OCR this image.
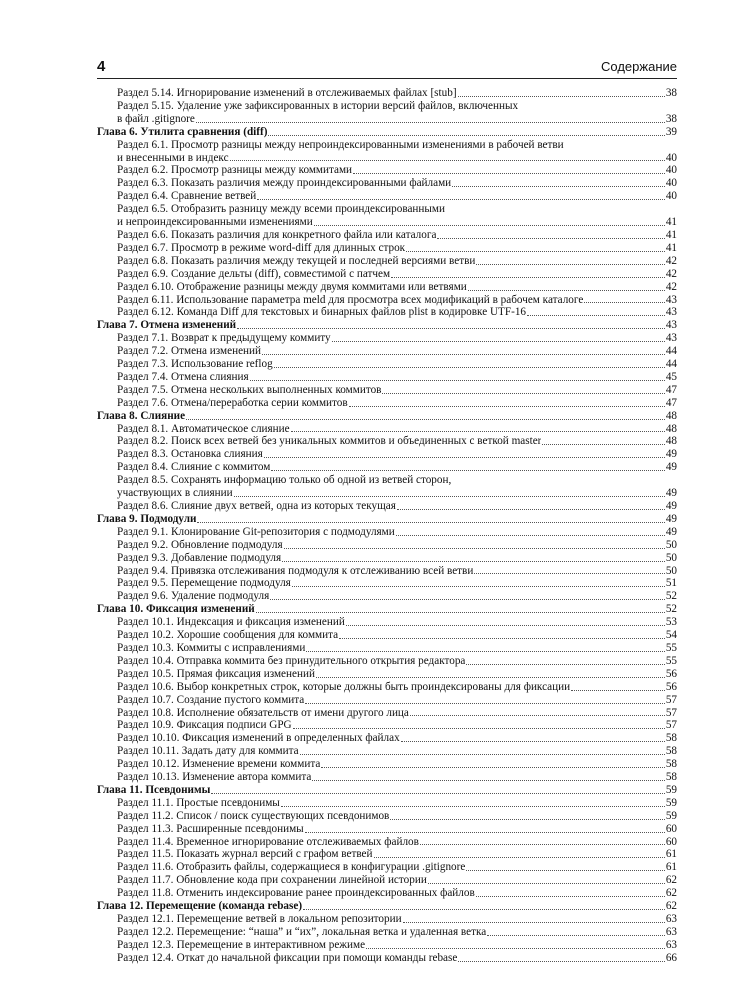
4	Содержание
Раздел 5.14. Игнорирование изменений в отслеживаемых файлах [stub]	38
Раздел 5.15. Удаление уже зафиксированных в истории версий файлов, включенных
в файл .gitignore	38
Глава 6. Утилита сравнения (diff)	39
Раздел 6.1. Просмотр разницы между непроиндексированными изменениями в рабочей ветви
и внесенными в индекс	40
Раздел 6.2. Просмотр разницы между коммитами	40
Раздел 6.3. Показать различия между проиндексированными файлами	40
Раздел 6.4. Сравнение ветвей	40
Раздел 6.5. Отобразить разницу между всеми проиндексированными
и непроиндексированными изменениями	41
Раздел 6.6. Показать различия для конкретного файла или каталога	41
Раздел 6.7. Просмотр в режиме word-diff для длинных строк	41
Раздел 6.8. Показать различия между текущей и последней версиями ветви	42
Раздел 6.9. Создание дельты (diff), совместимой с патчем	42
Раздел 6.10. Отображение разницы между двумя коммитами или ветвями	42
Раздел 6.11. Использование параметра meld для просмотра всех модификаций в рабочем каталоге	43
Раздел 6.12. Команда Diff для текстовых и бинарных файлов plist в кодировке UTF-16	43
Глава 7. Отмена изменений	43
Раздел 7.1. Возврат к предыдущему коммиту	43
Раздел 7.2. Отмена изменений	44
Раздел 7.3. Использование reflog	44
Раздел 7.4. Отмена слияния	45
Раздел 7.5. Отмена нескольких выполненных коммитов	47
Раздел 7.6. Отмена/переработка серии коммитов	47
Глава 8. Слияние	48
Раздел 8.1. Автоматическое слияние	48
Раздел 8.2. Поиск всех ветвей без уникальных коммитов и объединенных с веткой master	48
Раздел 8.3. Остановка слияния	49
Раздел 8.4. Слияние с коммитом	49
Раздел 8.5. Сохранять информацию только об одной из ветвей сторон,
участвующих в слиянии	49
Раздел 8.6. Слияние двух ветвей, одна из которых текущая	49
Глава 9. Подмодули	49
Раздел 9.1. Клонирование Git-репозитория с подмодулями	49
Раздел 9.2. Обновление подмодуля	50
Раздел 9.3. Добавление подмодуля	50
Раздел 9.4. Привязка отслеживания подмодуля к отслеживанию всей ветви	50
Раздел 9.5. Перемещение подмодуля	51
Раздел 9.6. Удаление подмодуля	52
Глава 10. Фиксация изменений	52
Раздел 10.1. Индексация и фиксация изменений	53
Раздел 10.2. Хорошие сообщения для коммита	54
Раздел 10.3. Коммиты с исправлениями	55
Раздел 10.4. Отправка коммита без принудительного открытия редактора	55
Раздел 10.5. Прямая фиксация изменений	56
Раздел 10.6. Выбор конкретных строк, которые должны быть проиндексированы для фиксации	56
Раздел 10.7. Создание пустого коммита	57
Раздел 10.8. Исполнение обязательств от имени другого лица	57
Раздел 10.9. Фиксация подписи GPG	57
Раздел 10.10. Фиксация изменений в определенных файлах	58
Раздел 10.11. Задать дату для коммита	58
Раздел 10.12. Изменение времени коммита	58
Раздел 10.13. Изменение автора коммита	58
Глава 11. Псевдонимы	59
Раздел 11.1. Простые псевдонимы	59
Раздел 11.2. Список / поиск существующих псевдонимов	59
Раздел 11.3. Расширенные псевдонимы	60
Раздел 11.4. Временное игнорирование отслеживаемых файлов	60
Раздел 11.5. Показать журнал версий с графом ветвей	61
Раздел 11.6. Отобразить файлы, содержащиеся в конфигурации .gitignore	61
Раздел 11.7. Обновление кода при сохранении линейной истории	62
Раздел 11.8. Отменить индексирование ранее проиндексированных файлов	62
Глава 12. Перемещение (команда rebase)	62
Раздел 12.1. Перемещение ветвей в локальном репозитории	63
Раздел 12.2. Перемещение: “наша” и “их”, локальная ветка и удаленная ветка	63
Раздел 12.3. Перемещение в интерактивном режиме	63
Раздел 12.4. Откат до начальной фиксации при помощи команды rebase	66
